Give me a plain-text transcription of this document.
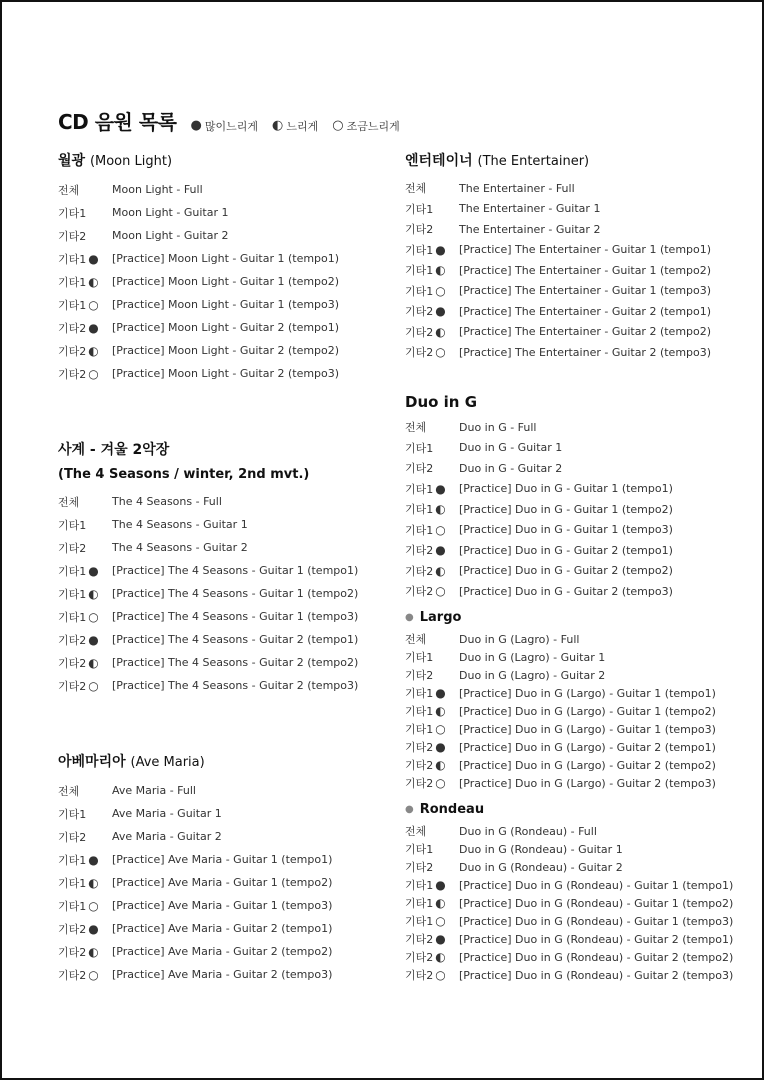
CD 음원 목록 ● 많이느리게 ◐ 느리게 ○ 조금느리게
월광 (Moon Light)
전체	Moon Light - Full
기타1 Moon Light - Guitar 1
기타2 Moon Light - Guitar 2
기타1 ● [Practice] Moon Light - Guitar 1 (tempo1)
기타1 ◐ [Practice] Moon Light - Guitar 1 (tempo2)
기타1 ○ [Practice] Moon Light - Guitar 1 (tempo3)
기타2 ● [Practice] Moon Light - Guitar 2 (tempo1)
기타2 ◐ [Practice] Moon Light - Guitar 2 (tempo2)
기타2 ○ [Practice] Moon Light - Guitar 2 (tempo3)
사계 - 겨울 2악장
(The 4 Seasons / winter, 2nd mvt.)
전체	The 4 Seasons - Full
기타1 The 4 Seasons - Guitar 1
기타2 The 4 Seasons - Guitar 2
기타1 ● [Practice] The 4 Seasons - Guitar 1 (tempo1)
기타1 ◐ [Practice] The 4 Seasons - Guitar 1 (tempo2)
기타1 ○ [Practice] The 4 Seasons - Guitar 1 (tempo3)
기타2 ● [Practice] The 4 Seasons - Guitar 2 (tempo1)
기타2 ◐ [Practice] The 4 Seasons - Guitar 2 (tempo2)
기타2 ○ [Practice] The 4 Seasons - Guitar 2 (tempo3)
아베마리아 (Ave Maria)
전체	Ave Maria - Full
기타1 Ave Maria - Guitar 1
기타2 Ave Maria - Guitar 2
기타1 ● [Practice] Ave Maria - Guitar 1 (tempo1)
기타1 ◐ [Practice] Ave Maria - Guitar 1 (tempo2)
기타1 ○ [Practice] Ave Maria - Guitar 1 (tempo3)
기타2 ● [Practice] Ave Maria - Guitar 2 (tempo1)
기타2 ◐ [Practice] Ave Maria - Guitar 2 (tempo2)
기타2 ○ [Practice] Ave Maria - Guitar 2 (tempo3)
엔터테이너 (The Entertainer)
전체	The Entertainer - Full
기타1 The Entertainer - Guitar 1
기타2 The Entertainer - Guitar 2
기타1 ● [Practice] The Entertainer - Guitar 1 (tempo1)
기타1 ◐ [Practice] The Entertainer - Guitar 1 (tempo2)
기타1 ○ [Practice] The Entertainer - Guitar 1 (tempo3)
기타2 ● [Practice] The Entertainer - Guitar 2 (tempo1)
기타2 ◐ [Practice] The Entertainer - Guitar 2 (tempo2)
기타2 ○ [Practice] The Entertainer - Guitar 2 (tempo3)
Duo in G
전체	Duo in G - Full
기타1 Duo in G - Guitar 1
기타2 Duo in G - Guitar 2
기타1 ● [Practice] Duo in G - Guitar 1 (tempo1)
기타1 ◐ [Practice] Duo in G - Guitar 1 (tempo2)
기타1 ○ [Practice] Duo in G - Guitar 1 (tempo3)
기타2 ● [Practice] Duo in G - Guitar 2 (tempo1)
기타2 ◐ [Practice] Duo in G - Guitar 2 (tempo2)
기타2 ○ [Practice] Duo in G - Guitar 2 (tempo3)
● Largo
전체	Duo in G (Lagro) - Full
기타1 Duo in G (Lagro) - Guitar 1
기타2 Duo in G (Lagro) - Guitar 2
기타1 ● [Practice] Duo in G (Largo) - Guitar 1 (tempo1)
기타1 ◐ [Practice] Duo in G (Largo) - Guitar 1 (tempo2)
기타1 ○ [Practice] Duo in G (Largo) - Guitar 1 (tempo3)
기타2 ● [Practice] Duo in G (Largo) - Guitar 2 (tempo1)
기타2 ◐ [Practice] Duo in G (Largo) - Guitar 2 (tempo2)
기타2 ○ [Practice] Duo in G (Largo) - Guitar 2 (tempo3)
● Rondeau
전체	Duo in G (Rondeau) - Full
기타1 Duo in G (Rondeau) - Guitar 1
기타2 Duo in G (Rondeau) - Guitar 2
기타1 ● [Practice] Duo in G (Rondeau) - Guitar 1 (tempo1)
기타1 ◐ [Practice] Duo in G (Rondeau) - Guitar 1 (tempo2)
기타1 ○ [Practice] Duo in G (Rondeau) - Guitar 1 (tempo3)
기타2 ● [Practice] Duo in G (Rondeau) - Guitar 2 (tempo1)
기타2 ◐ [Practice] Duo in G (Rondeau) - Guitar 2 (tempo2)
기타2 ○ [Practice] Duo in G (Rondeau) - Guitar 2 (tempo3)
